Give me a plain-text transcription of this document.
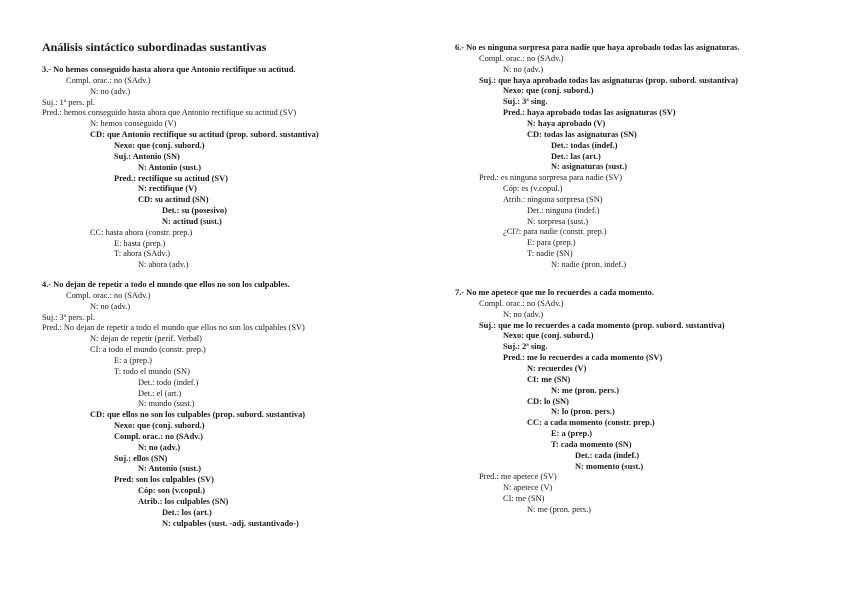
Análisis sintáctico subordinadas sustantivas
3.- No hemos conseguido hasta ahora que Antonio rectifique su actitud.
Compl. orac.: no (SAdv.)
N: no (adv.)
Suj.: 1ª pers. pl.
Pred.: hemos conseguido hasta ahora que Antonio rectifique su actitud (SV)
N: hemos conseguido (V)
CD: que Antonio rectifique su actitud (prop. subord. sustantiva)
Nexo: que (conj. subord.)
Suj.: Antonio (SN)
N: Antonio (sust.)
Pred.: rectifique su actitud (SV)
N: rectifique (V)
CD: su actitud (SN)
Det.: su (posesivo)
N: actitud (sust.)
CC: hasta ahora (constr. prep.)
E: hasta (prep.)
T: ahora (SAdv.)
N: ahora (adv.)
4.- No dejan de repetir a todo el mundo que ellos no son los culpables.
Compl. orac.: no (SAdv.)
N: no (adv.)
Suj.: 3ª pers. pl.
Pred.: No dejan de repetir a todo el mundo que ellos no son los culpables (SV)
N: dejan de repetir (perif. Verbal)
CI: a todo el mundo (constr. prep.)
E: a (prep.)
T: todo el mundo (SN)
Det.: todo (indef.)
Det.: el (art.)
N: mundo (sust.)
CD: que ellos no son los culpables (prop. subord. sustantiva)
Nexo: que (conj. subord.)
Compl. orac.: no (SAdv.)
N: no (adv.)
Suj.: ellos (SN)
N: Antonio (sust.)
Pred: son los culpables (SV)
Cóp: son (v.copul.)
Atrib.: los culpables (SN)
Det.: los (art.)
N: culpables (sust. -adj. sustantivado-)
6.- No es ninguna sorpresa para nadie que haya aprobado todas las asignaturas.
Compl. orac.: no (SAdv.)
N: no (adv.)
Suj.: que haya aprobado todas las asignaturas (prop. subord. sustantiva)
Nexo: que (conj. subord.)
Suj.: 3ª sing.
Pred.: haya aprobado todas las asignaturas (SV)
N: haya aprobado (V)
CD: todas las asignaturas (SN)
Det.: todas (indef.)
Det.: las (art.)
N: asignaturas (sust.)
Pred.: es ninguna sorpresa para nadie (SV)
Cóp: es (v.copul.)
Atrib.: ninguna sorpresa (SN)
Det.: ninguna (indef.)
N: sorpresa (sust.)
¿CI?: para nadie (constr. prep.)
E: para (prep.)
T: nadie (SN)
N: nadie (pron. indef.)
7.- No me apetece que me lo recuerdes a cada momento.
Compl. orac.: no (SAdv.)
N: no (adv.)
Suj.: que me lo recuerdes a cada momento (prop. subord. sustantiva)
Nexo: que (conj. subord.)
Suj.: 2ª sing.
Pred.: me lo recuerdes a cada momento (SV)
N: recuerdes (V)
CI: me (SN)
N: me (pron. pers.)
CD: lo (SN)
N: lo (pron. pers.)
CC: a cada momento (constr. prep.)
E: a (prep.)
T: cada momento (SN)
Det.: cada (indef.)
N: momento (sust.)
Pred.: me apetece (SV)
N: apetece (V)
CI: me (SN)
N: me (pron. pers.)
